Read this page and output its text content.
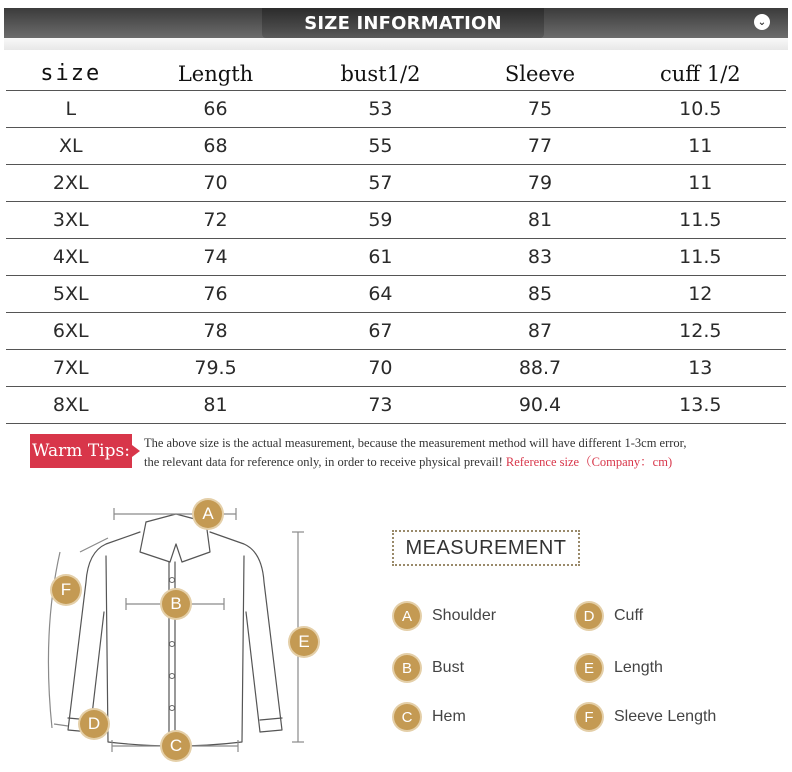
SIZE INFORMATION	⌄
size	Length	bust1/2	Sleeve	cuff 1/2
L	66	53	75	10.5
XL	68	55	77	11
2XL	70	57	79	11
3XL	72	59	81	11.5
4XL	74	61	83	11.5
5XL	76	64	85	12
6XL	78	67	87	12.5
7XL	79.5	70	88.7	13
8XL	81	73	90.4	13.5
Warm Tips: The above size is the actual measurement, because the measurement method will have different 1-3cm error,
the relevant data for reference only, in order to receive physical prevail! Reference size（Company：cm)
A
B
C
D
E
F
MEASUREMENT
A	Shoulder	D	Cuff
B	Bust	E	Length
C	Hem	F	Sleeve Length
